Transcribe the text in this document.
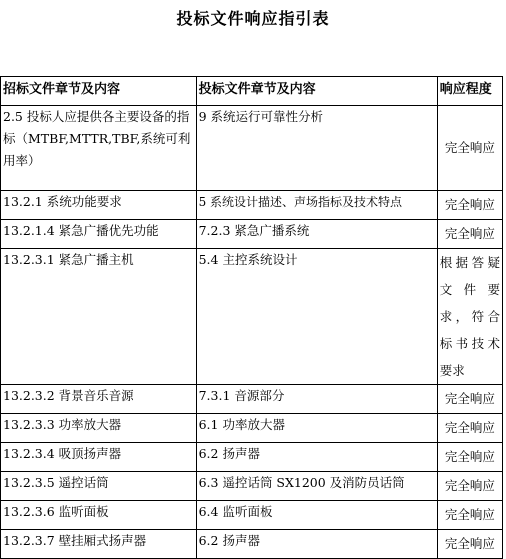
投标文件响应指引表
招标文件章节及内容	投标文件章节及内容	响应程度
2.5 投标人应提供各主要设备的指标（MTBF,MTTR,TBF,系统可利用率）	9 系统运行可靠性分析	完全响应
13.2.1 系统功能要求	5 系统设计描述、声场指标及技术特点	完全响应
13.2.1.4 紧急广播优先功能	7.2.3 紧急广播系统	完全响应
13.2.3.1 紧急广播主机	5.4 主控系统设计	根据答疑文件要求，符合标书技术要求
13.2.3.2 背景音乐音源	7.3.1 音源部分	完全响应
13.2.3.3 功率放大器	6.1 功率放大器	完全响应
13.2.3.4 吸顶扬声器	6.2 扬声器	完全响应
13.2.3.5 遥控话筒	6.3 遥控话筒 SX1200 及消防员话筒	完全响应
13.2.3.6 监听面板	6.4 监听面板	完全响应
13.2.3.7 壁挂厢式扬声器	6.2 扬声器	完全响应
